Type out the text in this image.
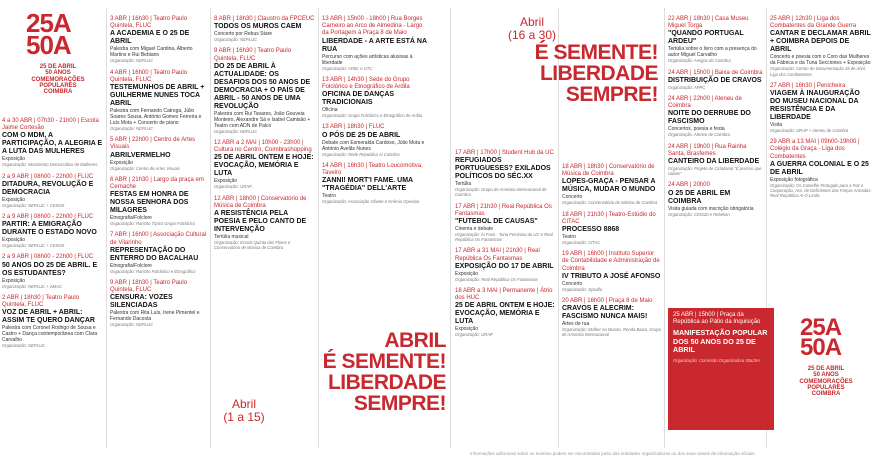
25A
50A
25 DE ABRIL
50 ANOS
COMEMORAÇÕES
POPULARES
COIMBRA
4 a 30 ABR | 07h30 - 21h00 | Escola Jaime Cortesão
COM O MDM, A PARTICIPAÇÃO, A ALEGRIA E A LUTA DAS MULHERES
Exposição
Organização: Movimento Democrático de Mulheres
2 a 9 ABR | 08h00 - 22h00 | FLUC
DITADURA, REVOLUÇÃO E DEMOCRACIA
Exposição
Organização: NEPLUC + CEIS20
2 a 9 ABR | 08h00 - 22h00 | FLUC
PARTIR: A EMIGRAÇÃO DURANTE O ESTADO NOVO
Exposição
Organização: NEPLUC + CEIS20
2 a 9 ABR | 08h00 - 22h00 | FLUC
50 ANOS DO 25 DE ABRIL. E OS ESTUDANTES?
Exposição
Organização: NEPLUC + SMAC
2 ABR | 18h30 | Teatro Paulo Quintela, FLUC
VOZ DE ABRIL + ABRIL: ASSIM TE QUERO DANÇAR
Palestra com Coronel Rodrigo de Sousa e Castro + Dança contemporânea com Clara Carvalho
Organização: NEPLUC
3 ABR | 16h30 | Teatro Paulo Quintela, FLUC
A ACADEMIA E O 25 DE ABRIL
Palestra com Miguel Cardina, Alberto Martins e Rui Bebiano
Organização: NEPLUC
4 ABR | 16h00 | Teatro Paulo Quintela, FLUC
TESTEMUNHOS DE ABRIL + GUILHERME NUNES TOCA ABRIL
Palestra com Fernando Catroga, Júlio Soares Sousa, António Gomes Ferreira e Luís Mota + Concerto de piano
Organização: NEPLUC
5 ABR | 22h00 | Centro de Artes Visuais
ABRILVERMELHO
Exposição
Organização: Centro de Artes Visuais
6 ABR | 21h30 | Largo da praça em Cernache
FESTAS EM HONRA DE NOSSA SENHORA DOS MILAGRES
Etnografia/Folclore
Organização: Rancho Típico Grupo Folclórico
7 ABR | 16h00 | Associação Cultural de Vilarinho
REPRESENTAÇÃO DO ENTERRO DO BACALHAU
Etnografia/Folclore
Organização: Rancho Folclórico e Etnográfico
9 ABR | 18h30 | Teatro Paulo Quintela, FLUC
CENSURA: VOZES SILENCIADAS
Palestra com Rita Luís, Irene Pimentel e Fernando Dacosta
Organização: NEPLUC
8 ABR | 18h30 | Claustro da FPCEUC
TODOS OS MUROS CAEM
Concerto por Rebus Stare
Organização: NEPLUC
9 ABR | 16h30 | Teatro Paulo Quintela, FLUC
DO 25 DE ABRIL À ACTUALIDADE: OS DESAFIOS DOS 50 ANOS DE DEMOCRACIA + O PAÍS DE ABRIL - 50 ANOS DE UMA REVOLUÇÃO
Palestra com Rui Tavares, João Gouveia Monteiro, Alexandre Sá e Isabel Camisão + Teatro com ADN de Palco
Organização: NEPLUC
12 ABR a 2 MAI | 10h00 - 23h00 | Cultura no Centro, Coimbrashopping
25 DE ABRIL ONTEM E HOJE: EVOCAÇÃO, MEMÓRIA E LUTA
Exposição
Organização: URAP
12 ABR | 18h00 | Conservatório de Música de Coimbra
A RESISTÊNCIA PELA POESIA E PELO CANTO DE INTERVENÇÃO
Tertúlia musical
Organização: Escola Quinta das Flores e Conservatório de Música de Coimbra
13 ABR | 15h00 - 18h00 | Rua Borges Carneiro ao Arco de Almedina - Largo da Portagem à Praça 8 de Maio
LIBERDADE - A ARTE ESTÁ NA RUA
Percurso com ações artísticas alusivas à liberdade
Organização: AFBC e UTC
13 ABR | 14h30 | Sede do Grupo Folclórico e Etnográfico de Ardila
OFICINA DE DANÇAS TRADICIONAIS
Oficina
Organização: Grupo Folclórico e Etnográfico de Ardila
13 ABR | 18h30 | FLUC
O PÓS DE 25 DE ABRIL
Debate com Esmeralda Cardoso, Júlio Mota e António Avelãs Nunes
Organização: Rede Republica Ai Coimbra
14 ABR | 16h30 | Teatro Loucomotiva, Taveiro
ZANNI! MORT'I FAME. UMA "TRAGÉDIA" DELL'ARTE
Teatro
Organização: Associação Olivete e Grémio Operário
17 ABR | 17h00 | Student Hub da UC
REFUGIADOS PORTUGUESES? EXILADOS POLÍTICOS DO SÉC.XX
Tertúlia
Organização: Grupo de Amnistia Internacional de Coimbra
17 ABR | 21h30 | Real República Os Fantasmas
"FUTEBOL DE CAUSAS"
Cinema e debate
Organização: Ai Fava - Tuna Feminina da UC e Real República Os Fantasmas
17 ABR a 31 MAI | 21h30 | Real República Os Fantasmas
EXPOSIÇÃO DO 17 DE ABRIL
Exposição
Organização: Real República Os Fantasmas
18 ABR a 3 MAI | Permanente | Átrio dos HUC
25 DE ABRIL ONTEM E HOJE: EVOCAÇÃO, MEMÓRIA E LUTA
Exposição
Organização: URAP
18 ABR | 18h30 | Conservatório de Música de Coimbra
LOPES-GRAÇA - PENSAR A MÚSICA, MUDAR O MUNDO
Concerto
Organização: Conservatório de Música de Coimbra
18 ABR | 21h30 | Teatro-Estúdio do CITAC
PROCESSO 8868
Teatro
Organização: CITAC
19 ABR | 16h00 | Instituto Superior de Contabilidade e Administração de Coimbra
IV TRIBUTO A JOSÉ AFONSO
Concerto
Organização: Synalfa
20 ABR | 16h00 | Praça 8 de Maio
CRAVOS E ALECRIM: FASCISMO NUNCA MAIS!
Artes de rua
Organização: Mulher na Mundo, Renda Baixa, Grupo de Amnistia Internacional
22 ABR | 18h30 | Casa Museu Miguel Torga
"QUANDO PORTUGAL ARDEU"
Tertúlia sobre o livro com a presença do autor Miguel Carvalho
Organização: Amigos de Coimbra
24 ABR | 15h00 | Baixa de Coimbra
DISTRIBUIÇÃO DE CRAVOS
Organização: APPC
24 ABR | 22h00 | Ateneu de Coimbra
NOITE DO DERRUBE DO FASCISMO
Concertos, poesia e festa
Organização: Ateneu de Coimbra
24 ABR | 19h00 | Rua Rainha Santa, Brasfemes
CANTEIRO DA LIBERDADE
Organização: Projeto de Cidadania "E preciso que saibas"
24 ABR | 20h00
O 25 DE ABRIL EM COIMBRA
Visita guiada com inscrição obrigatória
Organização: CEIS20 e Rebelion
25 ABR | 12h30 | Liga dos Combatentes da Grande Guerra
CANTAR E DECLAMAR ABRIL + COIMBRA DEPOIS DE ABRIL
Concerto e poesia com o Coro das Mulheres da Fábrica e da Tuna Secciones + Exposição
Organização: Centro de Documentação 25 de Abril, Liga dos Combatentes
27 ABR | 16h30 | Penicheira
VIAGEM À INAUGURAÇÃO DO MUSEU NACIONAL DA RESISTÊNCIA E DA LIBERDADE
Visita
Organização: URAP + Ateneu de Coimbra
29 ABR a 13 MAI | 09h00-19h00 | Colégio da Graça - Liga dos Combatentes
A GUERRA COLONIAL E O 25 DE ABRIL
Exposição fotográfica
Organização: Os Camelhe Portugalo para a Paz e Cooperação, Ass. de Deficientes das Forças Armadas, Real República Ai-Ó-Linda
ABRIL
É SEMENTE!
LIBERDADE
SEMPRE!
Abril
(1 a 15)
Abril
(16 a 30)
É SEMENTE!
LIBERDADE
SEMPRE!
25 ABR | 15h00 | Praça da República ao Pátio da Inquisição
MANIFESTAÇÃO POPULAR DOS 50 ANOS DO 25 DE ABRIL
Organização: Comissão Organizadora 50a25A
25A
50A
25 DE ABRIL
50 ANOS
COMEMORAÇÕES
POPULARES
COIMBRA
Informações adicionais sobre os eventos podem ser encontradas junto das entidades organizadoras ou dos seus canais de informação oficiais.
